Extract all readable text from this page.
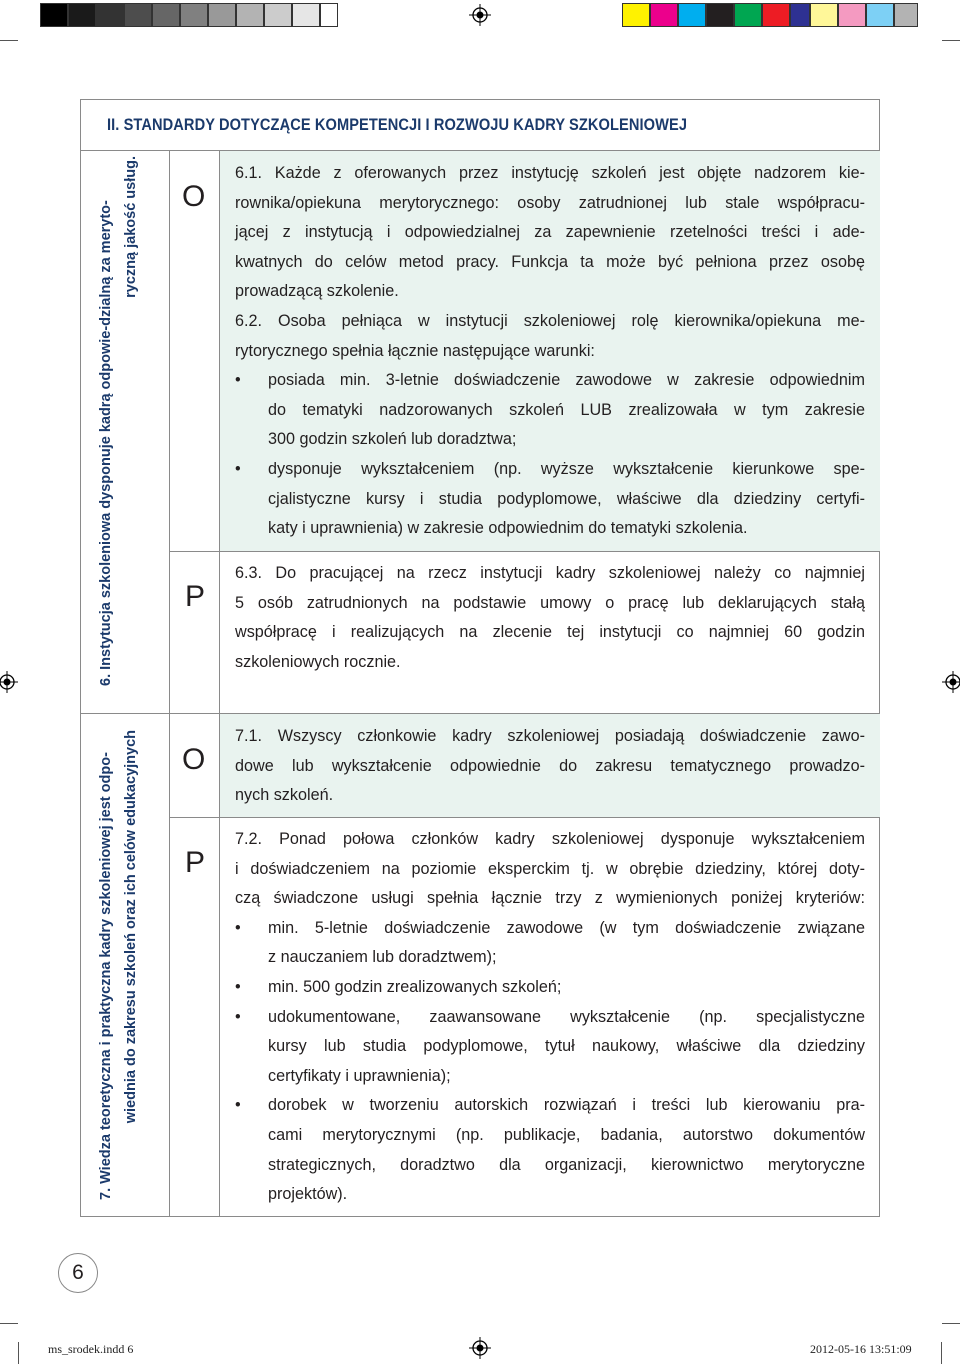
II. STANDARDY DOTYCZĄCE KOMPETENCJI I ROZWOJU KADRY SZKOLENIOWEJ
6. Instytucja szkoleniowa dysponuje kadrą odpowie-dzialną za meryto- ryczną jakość usług. O
P
6.1. Każde z oferowanych przez instytucję szkoleń jest objęte nadzorem kie-
rownika/opiekuna merytorycznego: osoby zatrudnionej lub stale współpracu-
jącej z instytucją i odpowiedzialnej za zapewnienie rzetelności treści i ade-
kwatnych do celów metod pracy. Funkcja ta może być pełniona przez osobę
prowadzącą szkolenie.
6.2. Osoba pełniąca w instytucji szkoleniowej rolę kierownika/opiekuna me-
rytorycznego spełnia łącznie następujące warunki:
• posiada min. 3-letnie doświadczenie zawodowe w zakresie odpowiednim
do tematyki nadzorowanych szkoleń LUB zrealizowała w tym zakresie
300 godzin szkoleń lub doradztwa;
• dysponuje wykształceniem (np. wyższe wykształcenie kierunkowe spe-
cjalistyczne kursy i studia podyplomowe, właściwe dla dziedziny certyfi-
katy i uprawnienia) w zakresie odpowiednim do tematyki szkolenia.
6.3. Do pracującej na rzecz instytucji kadry szkoleniowej należy co najmniej
5 osób zatrudnionych na podstawie umowy o pracę lub deklarujących stałą
współpracę i realizujących na zlecenie tej instytucji co najmniej 60 godzin
szkoleniowych rocznie.
7. Wiedza teoretyczna i praktyczna kadry szkoleniowej jest odpo- wiednia do zakresu szkoleń oraz ich celów edukacyjnych O
P
7.1. Wszyscy członkowie kadry szkoleniowej posiadają doświadczenie zawo-
dowe lub wykształcenie odpowiednie do zakresu tematycznego prowadzo-
nych szkoleń.
7.2. Ponad połowa członków kadry szkoleniowej dysponuje wykształceniem
i doświadczeniem na poziomie eksperckim tj. w obrębie dziedziny, której doty-
czą świadczone usługi spełnia łącznie trzy z wymienionych poniżej kryteriów:
• min. 5-letnie doświadczenie zawodowe (w tym doświadczenie związane
z nauczaniem lub doradztwem);
• min. 500 godzin zrealizowanych szkoleń;
• udokumentowane, zaawansowane wykształcenie (np. specjalistyczne
kursy lub studia podyplomowe, tytuł naukowy, właściwe dla dziedziny
certyfikaty i uprawnienia);
• dorobek w tworzeniu autorskich rozwiązań i treści lub kierowaniu pra-
cami merytorycznymi (np. publikacje, badania, autorstwo dokumentów
strategicznych, doradztwo dla organizacji, kierownictwo merytoryczne
projektów).
6
ms_srodek.indd 6	2012-05-16 13:51:09
